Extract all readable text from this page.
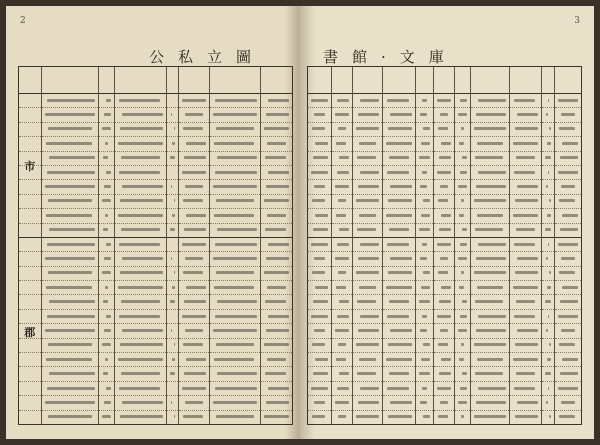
2
公私立圖
市
郡
3
書館·文庫
